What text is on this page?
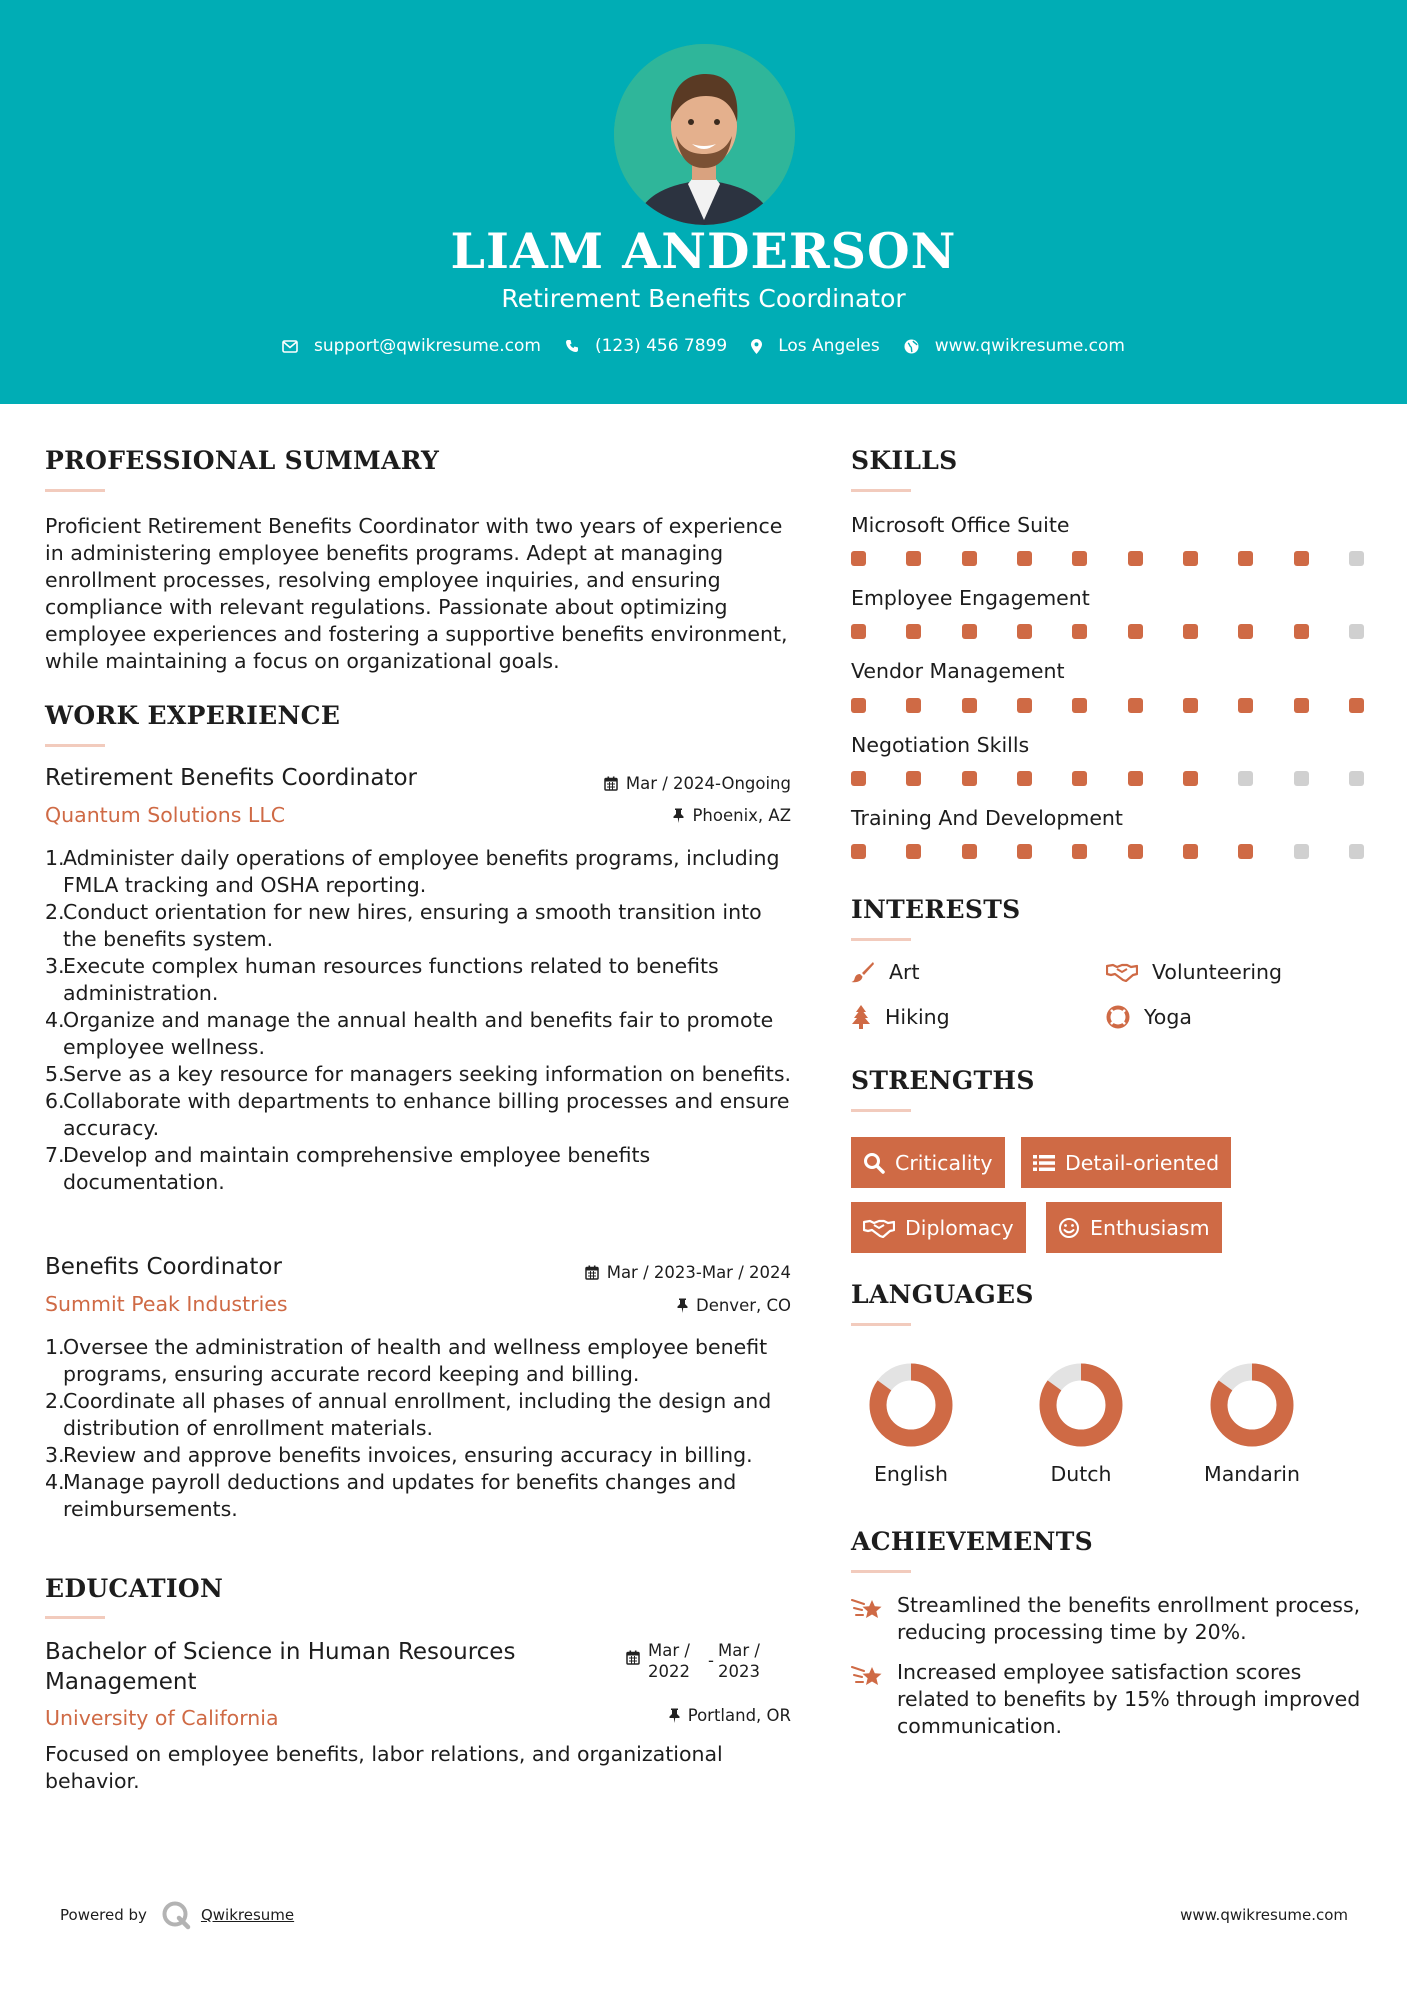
LIAM ANDERSON
Retirement Benefits Coordinator
support@qwikresume.com	(123) 456 7899	Los Angeles	www.qwikresume.com
PROFESSIONAL SUMMARY
Proficient Retirement Benefits Coordinator with two years of experience in administering employee benefits programs. Adept at managing enrollment processes, resolving employee inquiries, and ensuring compliance with relevant regulations. Passionate about optimizing employee experiences and fostering a supportive benefits environment, while maintaining a focus on organizational goals.
WORK EXPERIENCE
Retirement Benefits Coordinator	Mar / 2024-Ongoing
Quantum Solutions LLC	Phoenix, AZ
1.
Administer daily operations of employee benefits programs, including FMLA tracking and OSHA reporting.
2.
Conduct orientation for new hires, ensuring a smooth transition into the benefits system.
3.
Execute complex human resources functions related to benefits administration.
4.
Organize and manage the annual health and benefits fair to promote employee wellness.
5.
Serve as a key resource for managers seeking information on benefits.
6.
Collaborate with departments to enhance billing processes and ensure accuracy.
7.
Develop and maintain comprehensive employee benefits documentation.
Benefits Coordinator	Mar / 2023-Mar / 2024
Summit Peak Industries	Denver, CO
1.
Oversee the administration of health and wellness employee benefit programs, ensuring accurate record keeping and billing.
2.
Coordinate all phases of annual enrollment, including the design and distribution of enrollment materials.
3.
Review and approve benefits invoices, ensuring accuracy in billing.
4.
Manage payroll deductions and updates for benefits changes and reimbursements.
EDUCATION
Bachelor of Science in Human Resources
Management
Mar /
2022
-
Mar /
2023
University of California	Portland, OR
Focused on employee benefits, labor relations, and organizational behavior.
SKILLS
Microsoft Office Suite
Employee Engagement
Vendor Management
Negotiation Skills
Training And Development
INTERESTS
Art	Volunteering
Hiking	Yoga
STRENGTHS
Criticality	Detail-oriented
Diplomacy	Enthusiasm
LANGUAGES
English	Dutch	Mandarin
ACHIEVEMENTS
Streamlined the benefits enrollment process, reducing processing time by 20%.
Increased employee satisfaction scores related to benefits by 15% through improved communication.
Powered by	Qwikresume	www.qwikresume.com
